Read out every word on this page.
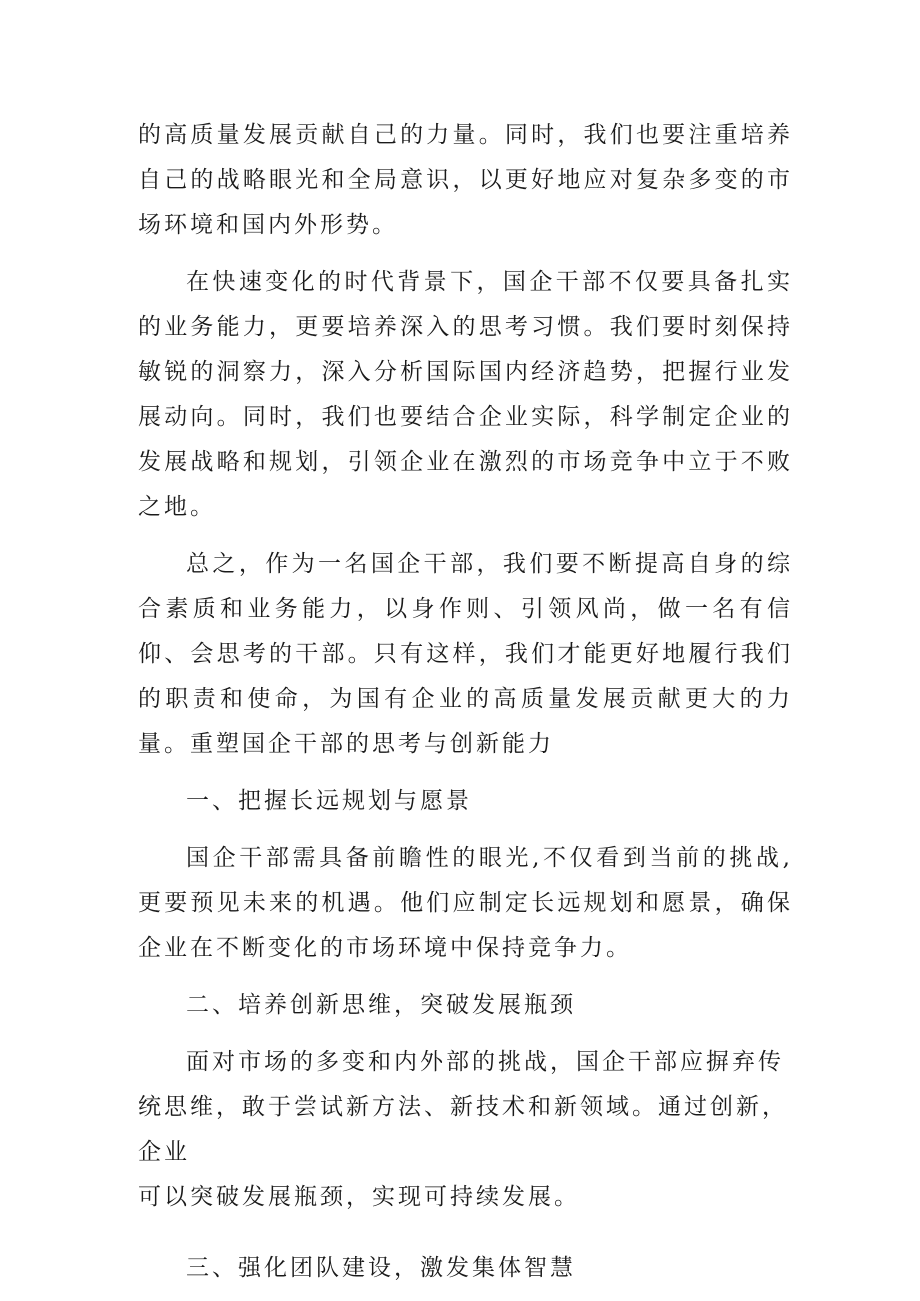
的高质量发展贡献自己的力量。同时，我们也要注重培养自己的战略眼光和全局意识，以更好地应对复杂多变的市场环境和国内外形势。

在快速变化的时代背景下，国企干部不仅要具备扎实的业务能力，更要培养深入的思考习惯。我们要时刻保持敏锐的洞察力，深入分析国际国内经济趋势，把握行业发展动向。同时，我们也要结合企业实际，科学制定企业的发展战略和规划，引领企业在激烈的市场竞争中立于不败之地。

总之，作为一名国企干部，我们要不断提高自身的综合素质和业务能力，以身作则、引领风尚，做一名有信仰、会思考的干部。只有这样，我们才能更好地履行我们的职责和使命，为国有企业的高质量发展贡献更大的力量。重塑国企干部的思考与创新能力

一、把握长远规划与愿景

国企干部需具备前瞻性的眼光,不仅看到当前的挑战,更要预见未来的机遇。他们应制定长远规划和愿景，确保企业在不断变化的市场环境中保持竞争力。

二、培养创新思维，突破发展瓶颈

面对市场的多变和内外部的挑战，国企干部应摒弃传统思维，敢于尝试新方法、新技术和新领域。通过创新，企业

可以突破发展瓶颈，实现可持续发展。

三、强化团队建设，激发集体智慧
